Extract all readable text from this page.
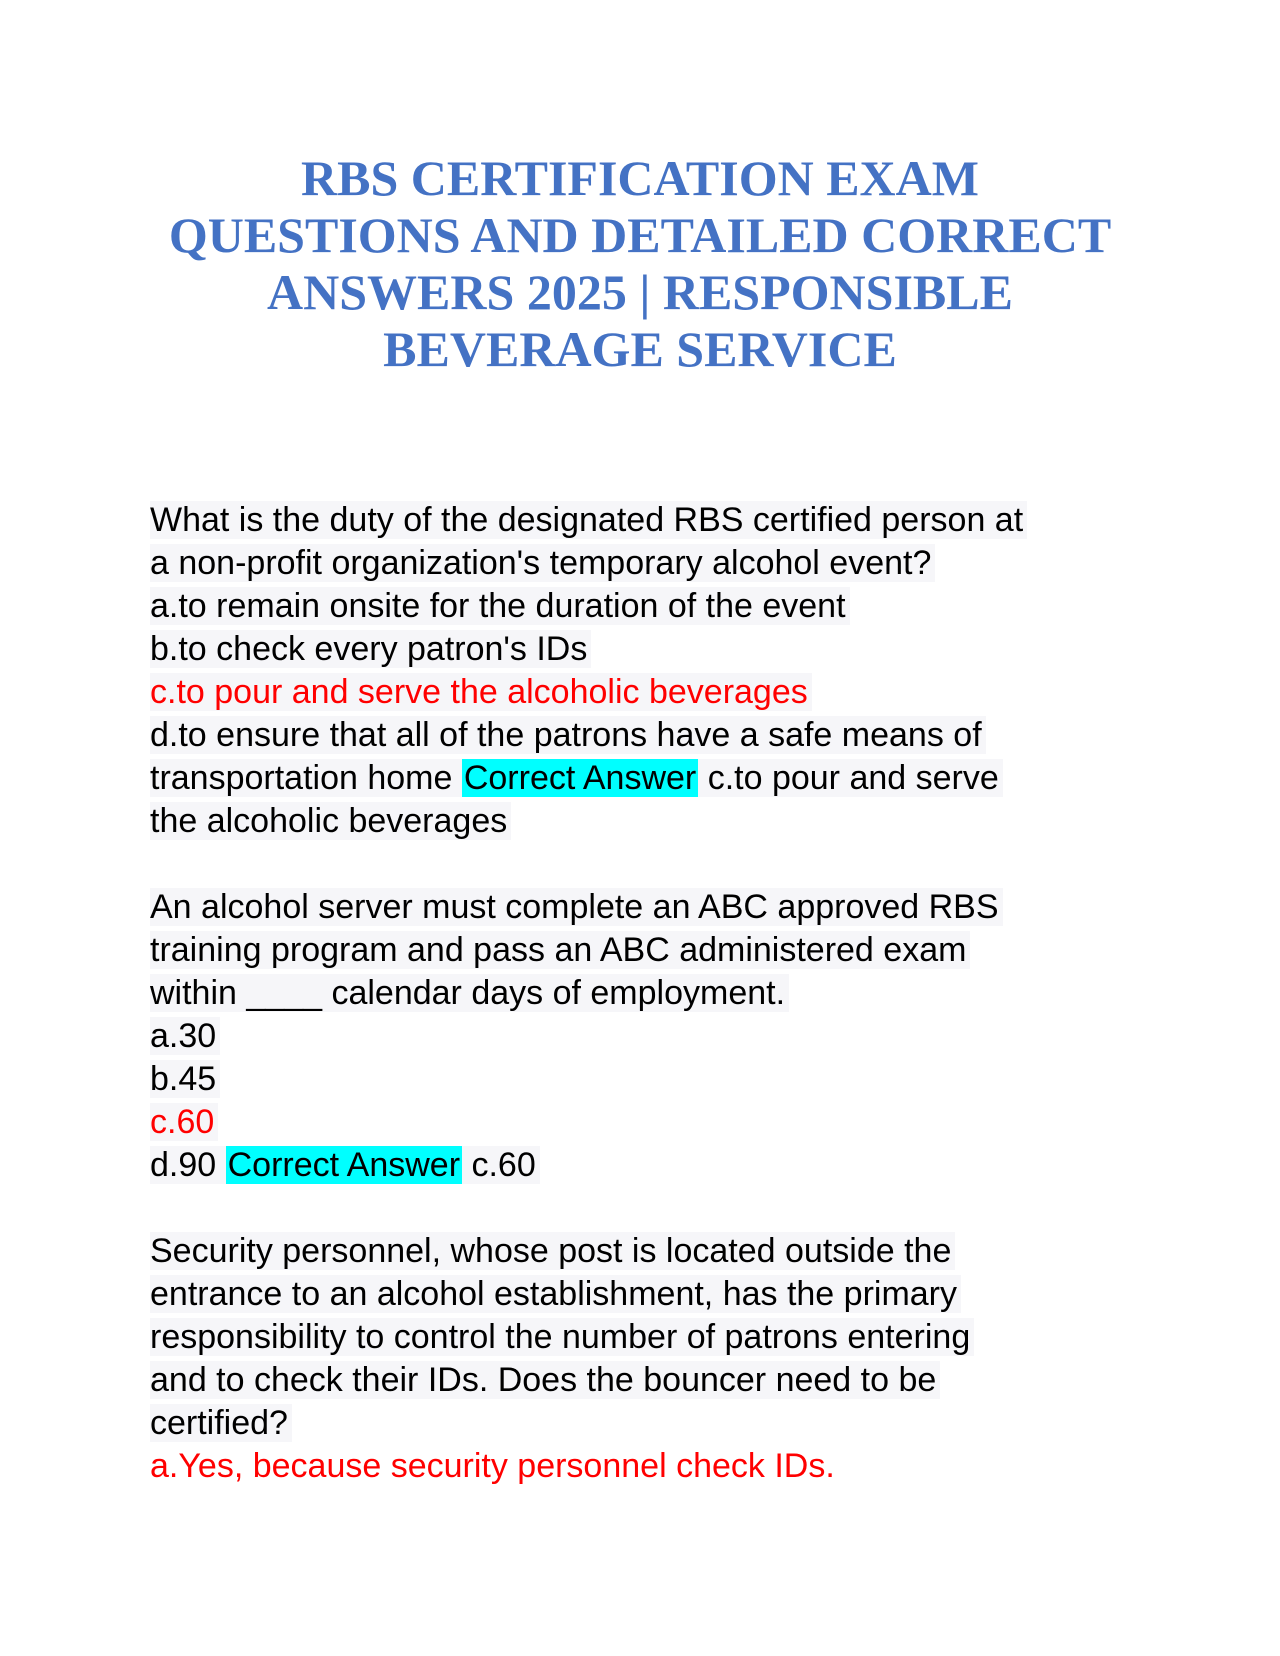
RBS CERTIFICATION EXAM
QUESTIONS AND DETAILED CORRECT
ANSWERS 2025 | RESPONSIBLE
BEVERAGE SERVICE
What is the duty of the designated RBS certified person at
a non-profit organization's temporary alcohol event?
a.to remain onsite for the duration of the event
b.to check every patron's IDs
c.to pour and serve the alcoholic beverages
d.to ensure that all of the patrons have a safe means of
transportation home Correct Answer c.to pour and serve
the alcoholic beverages
An alcohol server must complete an ABC approved RBS
training program and pass an ABC administered exam
within ____ calendar days of employment.
a.30
b.45
c.60
d.90 Correct Answer c.60
Security personnel, whose post is located outside the
entrance to an alcohol establishment, has the primary
responsibility to control the number of patrons entering
and to check their IDs. Does the bouncer need to be
certified?
a.Yes, because security personnel check IDs.
